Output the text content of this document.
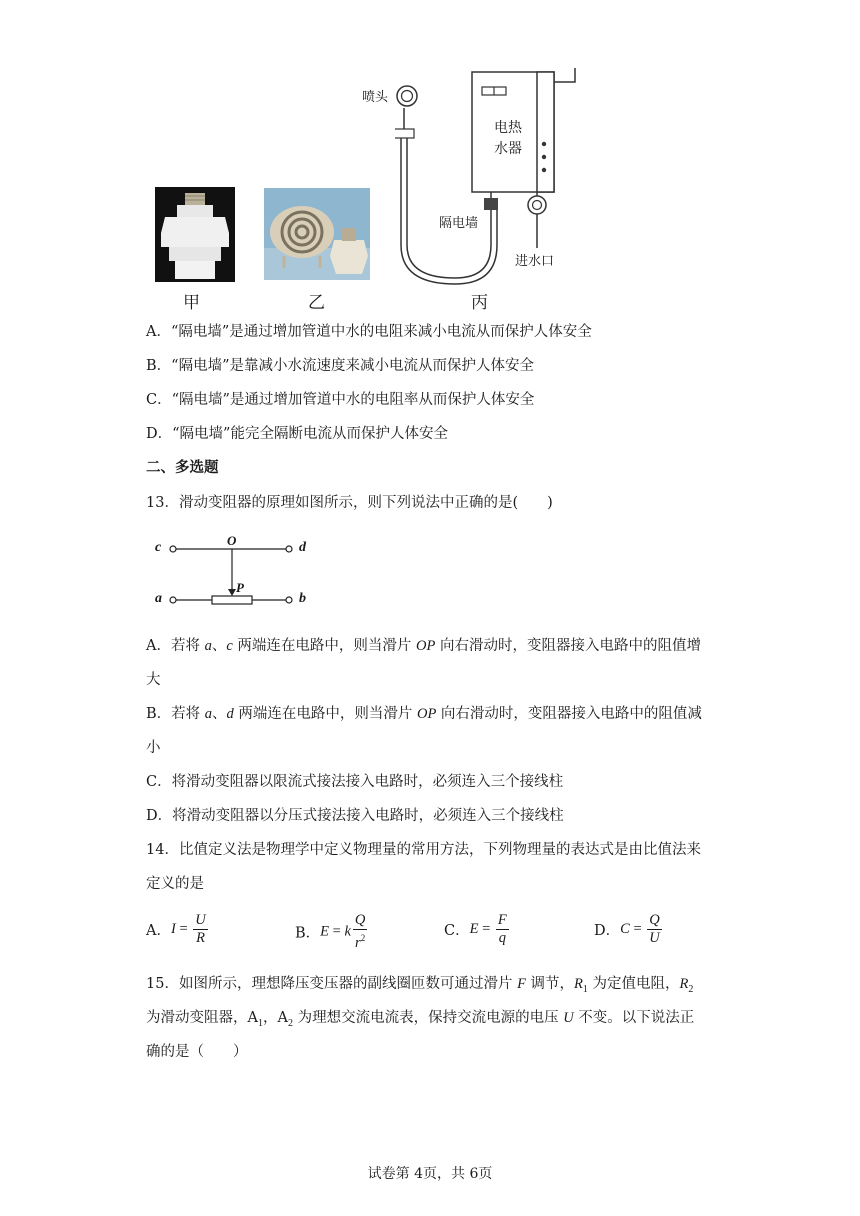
喷头
电热
水器
隔电墙
进水口
甲	乙	丙
A．“隔电墙”是通过增加管道中水的电阻来减小电流从而保护人体安全
B．“隔电墙”是靠减小水流速度来减小电流从而保护人体安全
C．“隔电墙”是通过增加管道中水的电阻率从而保护人体安全
D．“隔电墙”能完全隔断电流从而保护人体安全
二、多选题
13．滑动变阻器的原理如图所示，则下列说法中正确的是(　　)
c	d
a	b
O
P
A．若将 a、c 两端连在电路中，则当滑片 OP 向右滑动时，变阻器接入电路中的阻值增
大
B．若将 a、d 两端连在电路中，则当滑片 OP 向右滑动时，变阻器接入电路中的阻值减
小
C．将滑动变阻器以限流式接法接入电路时，必须连入三个接线柱
D．将滑动变阻器以分压式接法接入电路时，必须连入三个接线柱
14．比值定义法是物理学中定义物理量的常用方法，下列物理量的表达式是由比值法来
定义的是
A．$I = \frac{U}{R}$	B．E = k $\frac{Q}{r^2}$	C．$E = \frac{F}{q}$	D．$C = \frac{Q}{U}$
15．如图所示，理想降压变压器的副线圈匝数可通过滑片 F 调节，$R_1$ 为定值电阻，$R_2$
为滑动变阻器，$A_1$，$A_2$ 为理想交流电流表，保持交流电源的电压 U 不变。以下说法正
确的是（　　）
试卷第 4页，共 6页
